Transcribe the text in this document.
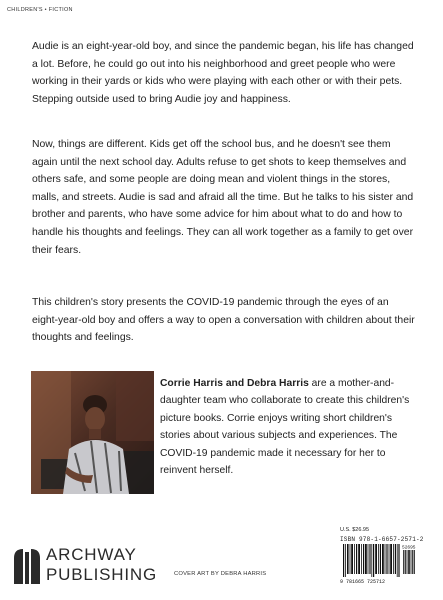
CHILDREN'S • FICTION

Audie is an eight-year-old boy, and since the pandemic began, his life has changed a lot. Before, he could go out into his neighborhood and greet people who were working in their yards or kids who were playing with each other or with their pets. Stepping outside used to bring Audie joy and happiness.

Now, things are different. Kids get off the school bus, and he doesn't see them again until the next school day. Adults refuse to get shots to keep themselves and others safe, and some people are doing mean and violent things in the stores, malls, and streets. Audie is sad and afraid all the time. But he talks to his sister and brother and parents, who have some advice for him about what to do and how to handle his thoughts and feelings. They can all work together as a family to get over their fears.

This children's story presents the COVID-19 pandemic through the eyes of an eight-year-old boy and offers a way to open a conversation with children about their thoughts and feelings.

Corrie Harris and Debra Harris are a mother-and-daughter team who collaborate to create this children's picture books. Corrie enjoys writing short children's stories about various subjects and experiences. The COVID-19 pandemic made it necessary for her to reinvent herself.

U.S. $26.95
ISBN 978-1-6657-2571-2
52695
9 781665 725712
COVER ART BY DEBRA HARRIS
ARCHWAY
PUBLISHING
